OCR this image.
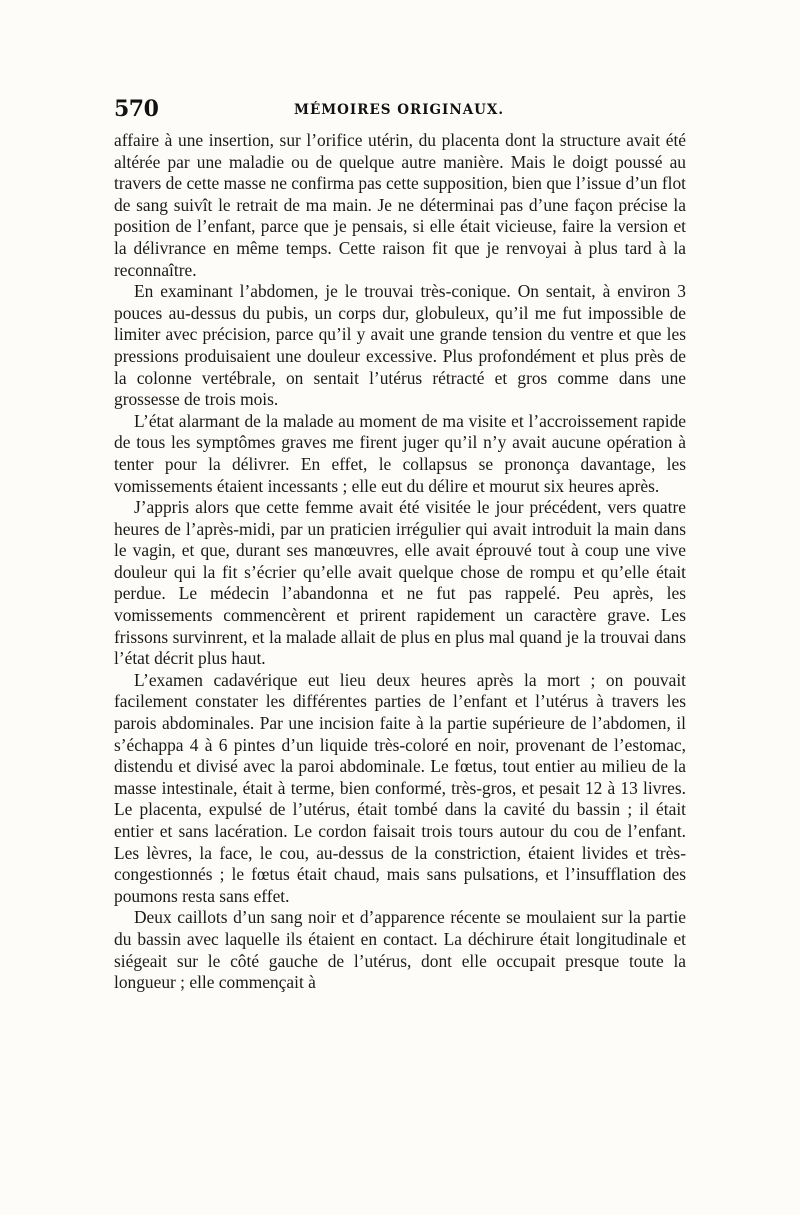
570	MÉMOIRES ORIGINAUX.

affaire à une insertion, sur l’orifice utérin, du placenta dont la structure avait été altérée par une maladie ou de quelque autre manière. Mais le doigt poussé au travers de cette masse ne confirma pas cette supposition, bien que l’issue d’un flot de sang suivît le retrait de ma main. Je ne déterminai pas d’une façon précise la position de l’enfant, parce que je pensais, si elle était vicieuse, faire la version et la délivrance en même temps. Cette raison fit que je renvoyai à plus tard à la reconnaître.

En examinant l’abdomen, je le trouvai très-conique. On sentait, à environ 3 pouces au-dessus du pubis, un corps dur, globuleux, qu’il me fut impossible de limiter avec précision, parce qu’il y avait une grande tension du ventre et que les pressions produisaient une douleur excessive. Plus profondément et plus près de la colonne vertébrale, on sentait l’utérus rétracté et gros comme dans une grossesse de trois mois.

L’état alarmant de la malade au moment de ma visite et l’accroissement rapide de tous les symptômes graves me firent juger qu’il n’y avait aucune opération à tenter pour la délivrer. En effet, le collapsus se prononça davantage, les vomissements étaient incessants ; elle eut du délire et mourut six heures après.

J’appris alors que cette femme avait été visitée le jour précédent, vers quatre heures de l’après-midi, par un praticien irrégulier qui avait introduit la main dans le vagin, et que, durant ses manœuvres, elle avait éprouvé tout à coup une vive douleur qui la fit s’écrier qu’elle avait quelque chose de rompu et qu’elle était perdue. Le médecin l’abandonna et ne fut pas rappelé. Peu après, les vomissements commencèrent et prirent rapidement un caractère grave. Les frissons survinrent, et la malade allait de plus en plus mal quand je la trouvai dans l’état décrit plus haut.

L’examen cadavérique eut lieu deux heures après la mort ; on pouvait facilement constater les différentes parties de l’enfant et l’utérus à travers les parois abdominales. Par une incision faite à la partie supérieure de l’abdomen, il s’échappa 4 à 6 pintes d’un liquide très-coloré en noir, provenant de l’estomac, distendu et divisé avec la paroi abdominale. Le fœtus, tout entier au milieu de la masse intestinale, était à terme, bien conformé, très-gros, et pesait 12 à 13 livres. Le placenta, expulsé de l’utérus, était tombé dans la cavité du bassin ; il était entier et sans lacération. Le cordon faisait trois tours autour du cou de l’enfant. Les lèvres, la face, le cou, au-dessus de la constriction, étaient livides et très-congestionnés ; le fœtus était chaud, mais sans pulsations, et l’insufflation des poumons resta sans effet.

Deux caillots d’un sang noir et d’apparence récente se moulaient sur la partie du bassin avec laquelle ils étaient en contact. La déchirure était longitudinale et siégeait sur le côté gauche de l’utérus, dont elle occupait presque toute la longueur ; elle commençait à
